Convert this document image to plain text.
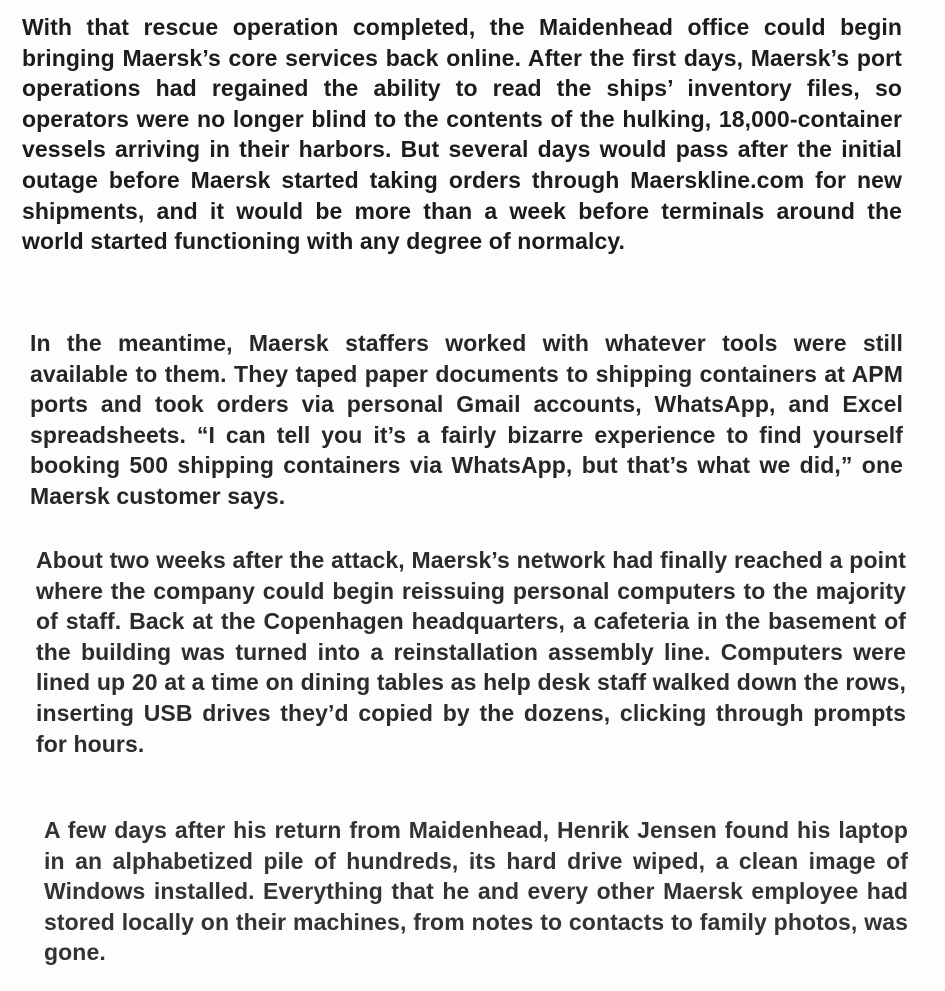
With that rescue operation completed, the Maidenhead office could begin bringing Maersk’s core services back online. After the first days, Maersk’s port operations had regained the ability to read the ships’ inventory files, so operators were no longer blind to the contents of the hulking, 18,000-container vessels arriving in their harbors. But several days would pass after the initial outage before Maersk started taking orders through Maerskline.com for new shipments, and it would be more than a week before terminals around the world started functioning with any degree of normalcy.

In the meantime, Maersk staffers worked with whatever tools were still available to them. They taped paper documents to shipping containers at APM ports and took orders via personal Gmail accounts, WhatsApp, and Excel spreadsheets. “I can tell you it’s a fairly bizarre experience to find yourself booking 500 shipping containers via WhatsApp, but that’s what we did,” one Maersk customer says.

About two weeks after the attack, Maersk’s network had finally reached a point where the company could begin reissuing personal computers to the majority of staff. Back at the Copenhagen headquarters, a cafeteria in the basement of the building was turned into a reinstallation assembly line. Computers were lined up 20 at a time on dining tables as help desk staff walked down the rows, inserting USB drives they’d copied by the dozens, clicking through prompts for hours.

A few days after his return from Maidenhead, Henrik Jensen found his laptop in an alphabetized pile of hundreds, its hard drive wiped, a clean image of Windows installed. Everything that he and every other Maersk employee had stored locally on their machines, from notes to contacts to family photos, was gone.
